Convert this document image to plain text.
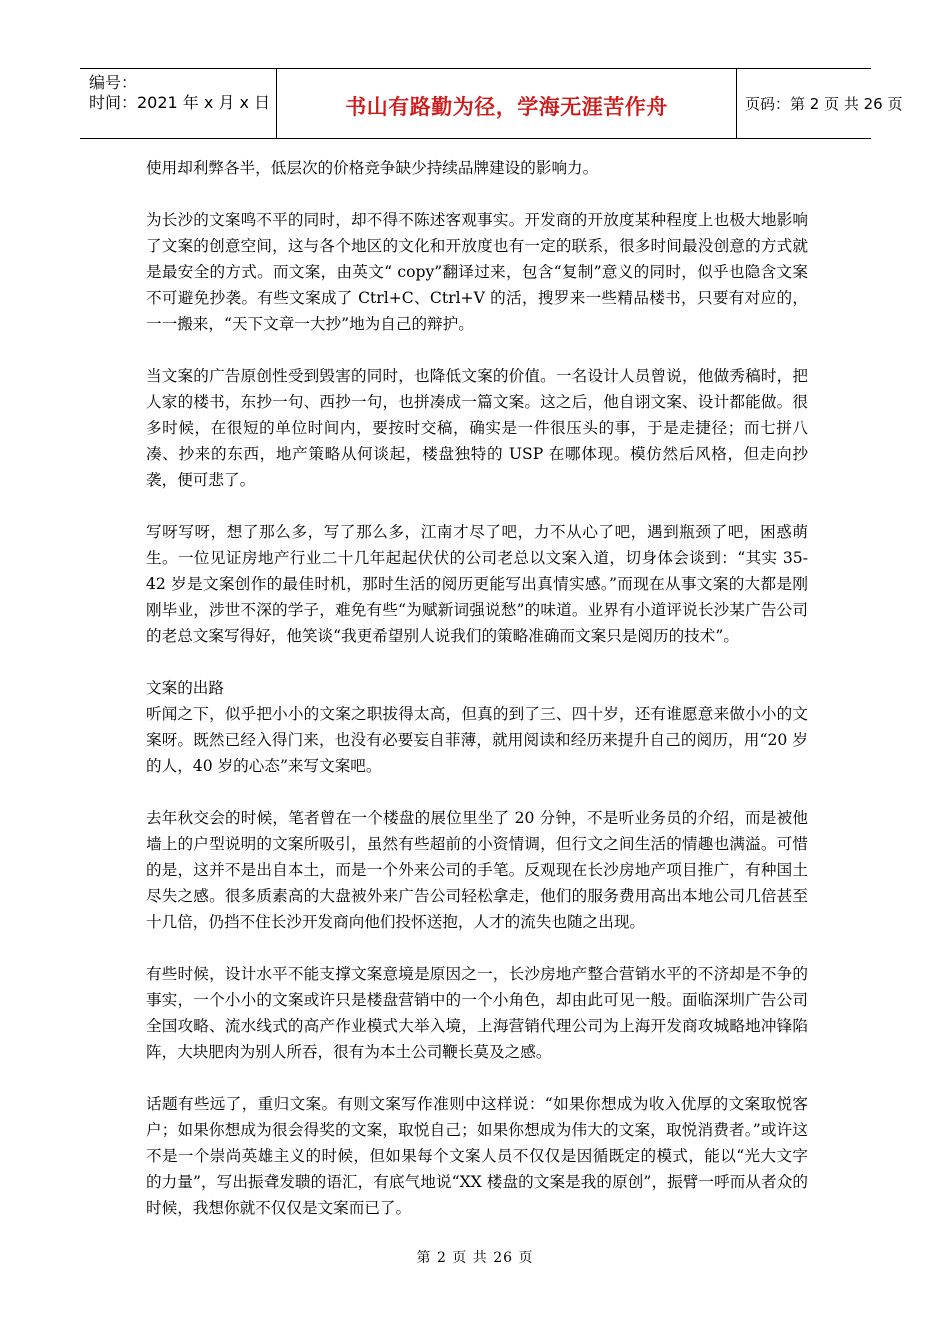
编号：
时间：2021 年 x 月 x 日	书山有路勤为径，学海无涯苦作舟	页码：第 2 页 共 26 页

使用却利弊各半，低层次的价格竞争缺少持续品牌建设的影响力。

为长沙的文案鸣不平的同时，却不得不陈述客观事实。开发商的开放度某种程度上也极大地影响了文案的创意空间，这与各个地区的文化和开放度也有一定的联系，很多时间最没创意的方式就是最安全的方式。而文案，由英文“ copy”翻译过来，包含“复制”意义的同时，似乎也隐含文案不可避免抄袭。有些文案成了 Ctrl+C、Ctrl+V 的活，搜罗来一些精品楼书，只要有对应的，一一搬来，“天下文章一大抄”地为自己的辩护。

当文案的广告原创性受到毁害的同时，也降低文案的价值。一名设计人员曾说，他做秀稿时，把人家的楼书，东抄一句、西抄一句，也拼凑成一篇文案。这之后，他自诩文案、设计都能做。很多时候，在很短的单位时间内，要按时交稿，确实是一件很压头的事，于是走捷径；而七拼八凑、抄来的东西，地产策略从何谈起，楼盘独特的 USP 在哪体现。模仿然后风格，但走向抄袭，便可悲了。

写呀写呀，想了那么多，写了那么多，江南才尽了吧，力不从心了吧，遇到瓶颈了吧，困惑萌生。一位见证房地产行业二十几年起起伏伏的公司老总以文案入道，切身体会谈到：“其实 35-42 岁是文案创作的最佳时机，那时生活的阅历更能写出真情实感。”而现在从事文案的大都是刚刚毕业，涉世不深的学子，难免有些“为赋新词强说愁”的味道。业界有小道评说长沙某广告公司的老总文案写得好，他笑谈“我更希望别人说我们的策略准确而文案只是阅历的技术”。

文案的出路

听闻之下，似乎把小小的文案之职拔得太高，但真的到了三、四十岁，还有谁愿意来做小小的文案呀。既然已经入得门来，也没有必要妄自菲薄，就用阅读和经历来提升自己的阅历，用“20 岁的人，40 岁的心态”来写文案吧。

去年秋交会的时候，笔者曾在一个楼盘的展位里坐了 20 分钟，不是听业务员的介绍，而是被他墙上的户型说明的文案所吸引，虽然有些超前的小资情调，但行文之间生活的情趣也满溢。可惜的是，这并不是出自本土，而是一个外来公司的手笔。反观现在长沙房地产项目推广，有种国土尽失之感。很多质素高的大盘被外来广告公司轻松拿走，他们的服务费用高出本地公司几倍甚至十几倍，仍挡不住长沙开发商向他们投怀送抱，人才的流失也随之出现。

有些时候，设计水平不能支撑文案意境是原因之一，长沙房地产整合营销水平的不济却是不争的事实，一个小小的文案或许只是楼盘营销中的一个小角色，却由此可见一般。面临深圳广告公司全国攻略、流水线式的高产作业模式大举入境，上海营销代理公司为上海开发商攻城略地冲锋陷阵，大块肥肉为别人所吞，很有为本土公司鞭长莫及之感。

话题有些远了，重归文案。有则文案写作准则中这样说：“如果你想成为收入优厚的文案取悦客户；如果你想成为很会得奖的文案，取悦自己；如果你想成为伟大的文案，取悦消费者。”或许这不是一个崇尚英雄主义的时候，但如果每个文案人员不仅仅是因循既定的模式，能以“光大文字的力量”，写出振聋发聩的语汇，有底气地说“XX 楼盘的文案是我的原创”，振臂一呼而从者众的时候，我想你就不仅仅是文案而已了。

第 2 页 共 26 页
